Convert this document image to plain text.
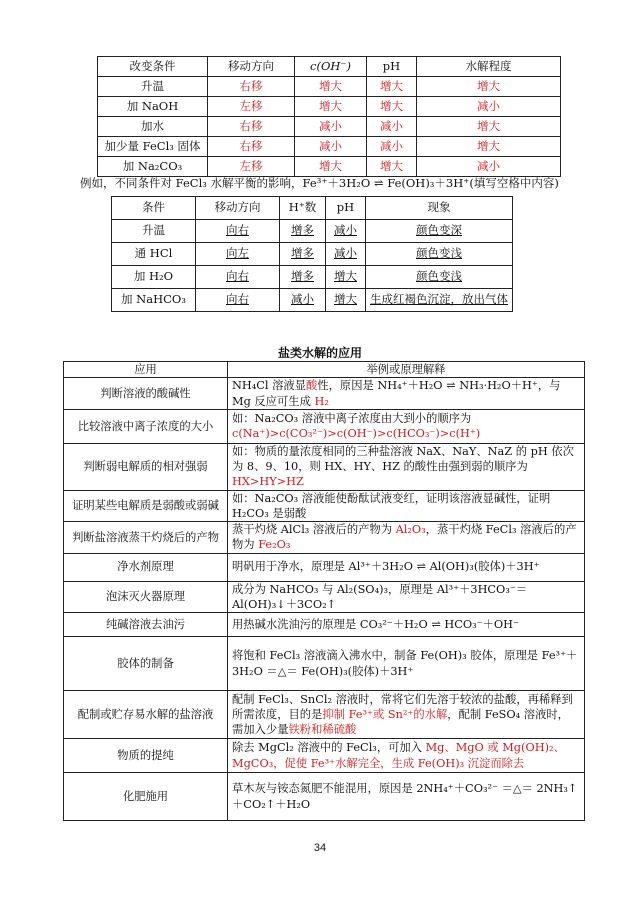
改变条件	移动方向	c(OH⁻)	pH	水解程度
升温	右移	增大	增大	增大
加 NaOH	左移	增大	增大	减小
加水	右移	减小	减小	增大
加少量 FeCl₃ 固体	右移	减小	减小	增大
加 Na₂CO₃	左移	增大	增大	减小
例如，不同条件对 FeCl₃ 水解平衡的影响，Fe³⁺＋3H₂O ⇌ Fe(OH)₃＋3H⁺(填写空格中内容)
条件	移动方向	H⁺数	pH	现象
升温	向右	增多	减小	颜色变深
通 HCl	向左	增多	减小	颜色变浅
加 H₂O	向右	增多	增大	颜色变浅
加 NaHCO₃	向右	减小	增大	生成红褐色沉淀，放出气体
盐类水解的应用
应用	举例或原理解释
判断溶液的酸碱性	NH₄Cl 溶液显酸性，原因是 NH₄⁺＋H₂O ⇌ NH₃·H₂O＋H⁺，与 Mg 反应可生成 H₂
比较溶液中离子浓度的大小	如：Na₂CO₃ 溶液中离子浓度由大到小的顺序为 c(Na⁺)>c(CO₃²⁻)>c(OH⁻)>c(HCO₃⁻)>c(H⁺)
判断弱电解质的相对强弱	如：物质的量浓度相同的三种盐溶液 NaX、NaY、NaZ 的 pH 依次为 8、9、10，则 HX、HY、HZ 的酸性由强到弱的顺序为 HX>HY>HZ
证明某些电解质是弱酸或弱碱	如：Na₂CO₃ 溶液能使酚酞试液变红，证明该溶液显碱性，证明 H₂CO₃ 是弱酸
判断盐溶液蒸干灼烧后的产物	蒸干灼烧 AlCl₃ 溶液后的产物为 Al₂O₃，蒸干灼烧 FeCl₃ 溶液后的产物为 Fe₂O₃
净水剂原理	明矾用于净水，原理是 Al³⁺＋3H₂O ⇌ Al(OH)₃(胶体)＋3H⁺
泡沫灭火器原理	成分为 NaHCO₃ 与 Al₂(SO₄)₃，原理是 Al³⁺＋3HCO₃⁻＝Al(OH)₃↓＋3CO₂↑
纯碱溶液去油污	用热碱水洗油污的原理是 CO₃²⁻＋H₂O ⇌ HCO₃⁻＋OH⁻
胶体的制备	将饱和 FeCl₃ 溶液滴入沸水中，制备 Fe(OH)₃ 胶体，原理是 Fe³⁺＋ 3H₂O ＝△＝ Fe(OH)₃(胶体)＋3H⁺
配制或贮存易水解的盐溶液	配制 FeCl₃、SnCl₂ 溶液时，常将它们先溶于较浓的盐酸，再稀释到所需浓度，目的是抑制 Fe³⁺或 Sn²⁺的水解，配制 FeSO₄ 溶液时，需加入少量铁粉和稀硫酸
物质的提纯	除去 MgCl₂ 溶液中的 FeCl₃，可加入 Mg、MgO 或 Mg(OH)₂、MgCO₃，促使 Fe³⁺水解完全，生成 Fe(OH)₃ 沉淀而除去
化肥施用	草木灰与铵态氮肥不能混用，原因是 2NH₄⁺＋CO₃²⁻ ＝△＝ 2NH₃↑＋CO₂↑＋H₂O
34
